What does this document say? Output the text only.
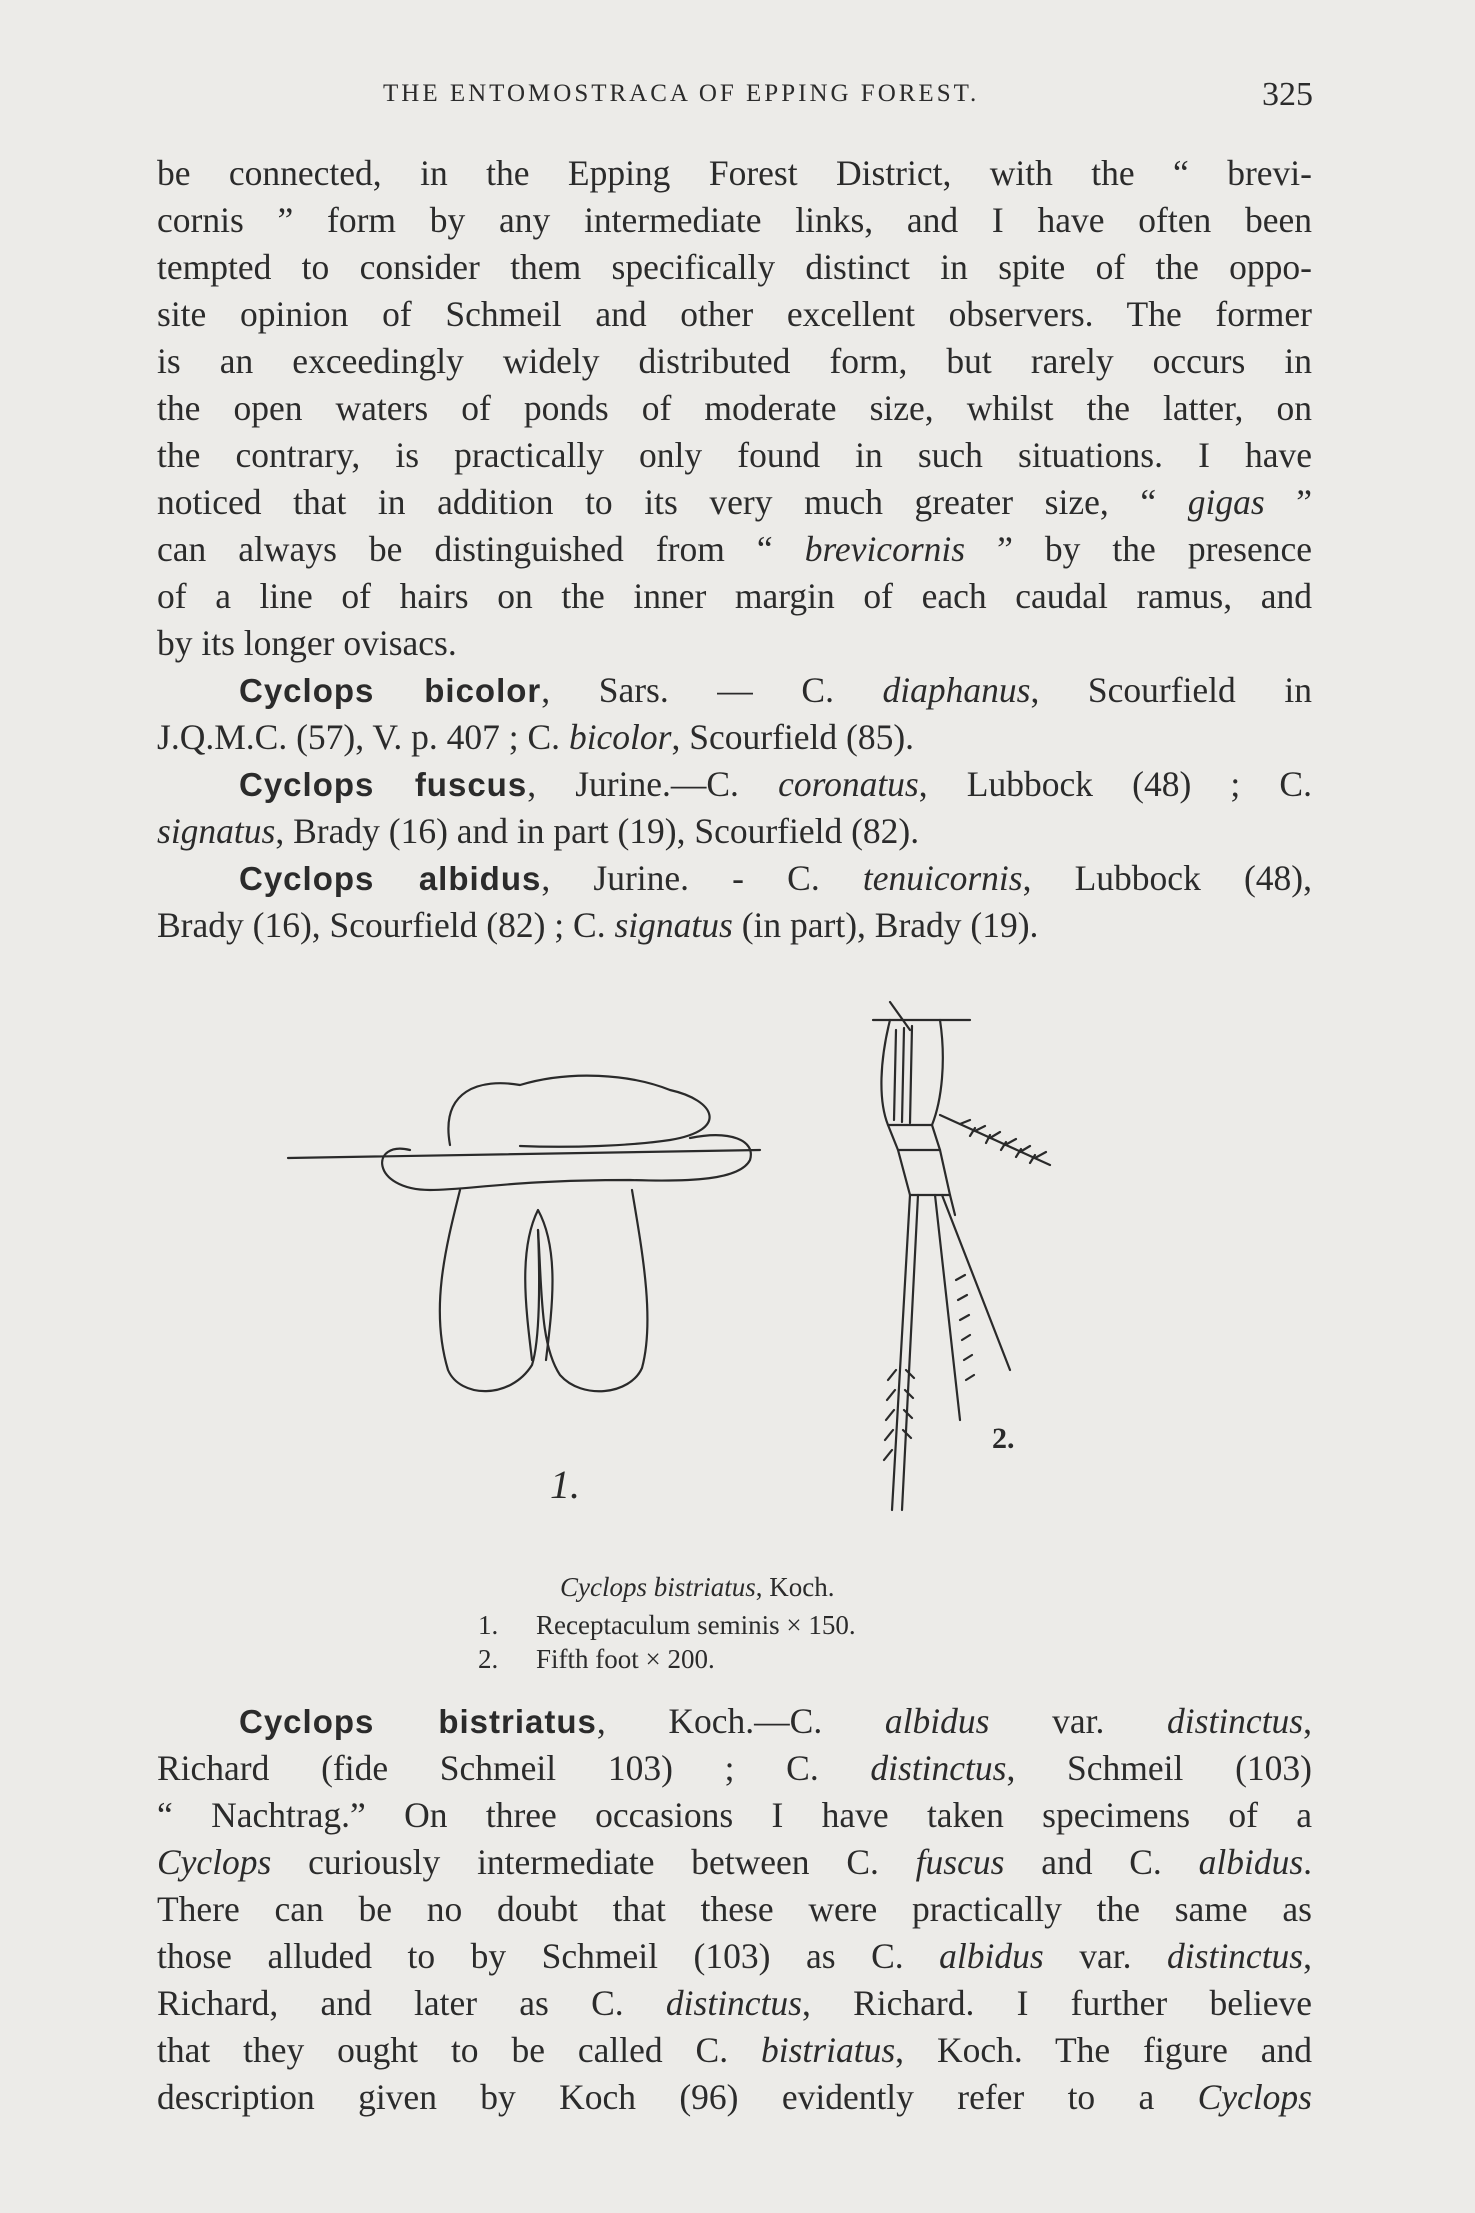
THE ENTOMOSTRACA OF EPPING FOREST.	325
be connected, in the Epping Forest District, with the “ brevi-
cornis ” form by any intermediate links, and I have often been
tempted to consider them specifically distinct in spite of the oppo-
site opinion of Schmeil and other excellent observers. The former
is an exceedingly widely distributed form, but rarely occurs in
the open waters of ponds of moderate size, whilst the latter, on
the contrary, is practically only found in such situations. I have
noticed that in addition to its very much greater size, “ gigas ”
can always be distinguished from “ brevicornis ” by the presence
of a line of hairs on the inner margin of each caudal ramus, and
by its longer ovisacs.
Cyclops bicolor, Sars. — C. diaphanus, Scourfield in
J.Q.M.C. (57), V. p. 407 ; C. bicolor, Scourfield (85).
Cyclops fuscus, Jurine.—C. coronatus, Lubbock (48) ; C.
signatus, Brady (16) and in part (19), Scourfield (82).
Cyclops albidus, Jurine. - C. tenuicornis, Lubbock (48),
Brady (16), Scourfield (82) ; C. signatus (in part), Brady (19).
1.
2.
Cyclops bistriatus, Koch.
1. Receptaculum seminis × 150.
2. Fifth foot × 200.
Cyclops bistriatus, Koch.—C. albidus var. distinctus,
Richard (fide Schmeil 103) ; C. distinctus, Schmeil (103)
“ Nachtrag.” On three occasions I have taken specimens of a
Cyclops curiously intermediate between C. fuscus and C. albidus.
There can be no doubt that these were practically the same as
those alluded to by Schmeil (103) as C. albidus var. distinctus,
Richard, and later as C. distinctus, Richard. I further believe
that they ought to be called C. bistriatus, Koch. The figure and
description given by Koch (96) evidently refer to a Cyclops
